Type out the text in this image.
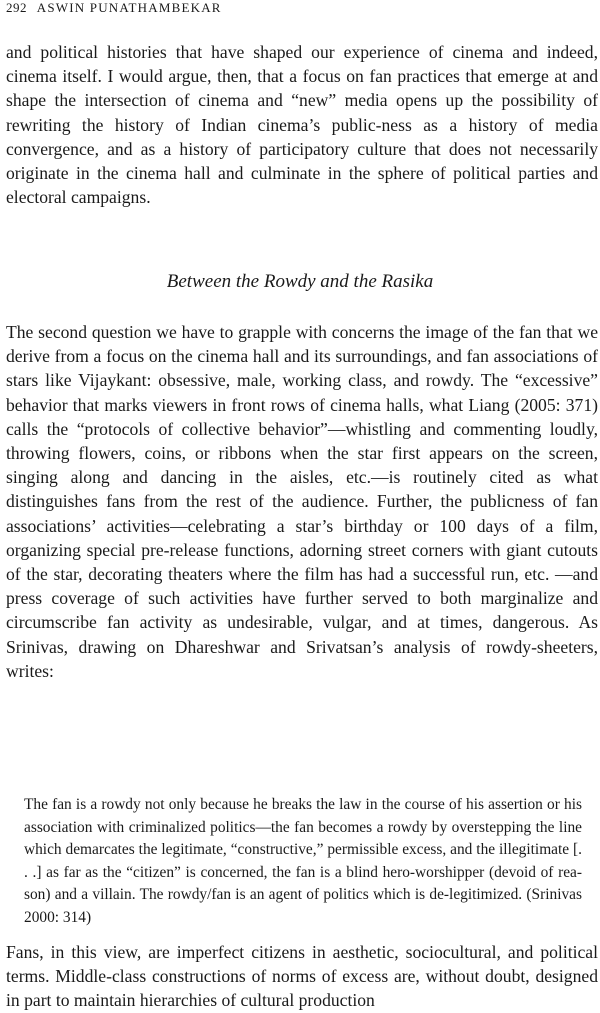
292 ASWIN PUNATHAMBEKAR

and political histories that have shaped our experience of cinema and indeed, cinema itself. I would argue, then, that a focus on fan practices that emerge at and shape the intersection of cinema and “new” media opens up the possibility of rewriting the history of Indian cinema’s public-ness as a history of media convergence, and as a history of participatory culture that does not necessarily originate in the cinema hall and culminate in the sphere of political parties and electoral campaigns.

Between the Rowdy and the Rasika

The second question we have to grapple with concerns the image of the fan that we derive from a focus on the cinema hall and its surroundings, and fan associations of stars like Vijaykant: obsessive, male, working class, and rowdy. The “excessive” behavior that marks viewers in front rows of cinema halls, what Liang (2005: 371) calls the “protocols of collective behavior”—whistling and commenting loudly, throwing flowers, coins, or ribbons when the star first appears on the screen, singing along and dancing in the aisles, etc.—is routinely cited as what distinguishes fans from the rest of the audience. Further, the publicness of fan associations’ activities—celebrating a star’s birthday or 100 days of a film, organizing special pre-release functions, adorning street corners with giant cutouts of the star, decorating theaters where the film has had a successful run, etc. —and press coverage of such activities have further served to both marginalize and circumscribe fan activity as undesirable, vulgar, and at times, dangerous. As Srinivas, drawing on Dhareshwar and Srivatsan’s analysis of rowdy-sheeters, writes:

The fan is a rowdy not only because he breaks the law in the course of his assertion or his association with criminalized politics—the fan becomes a rowdy by overstepping the line which demarcates the legitimate, “constructive,” permissible excess, and the illegitimate [. . .] as far as the “citizen” is concerned, the fan is a blind hero-worshipper (devoid of reason) and a villain. The rowdy/fan is an agent of politics which is de-legitimized. (Srinivas 2000: 314)

Fans, in this view, are imperfect citizens in aesthetic, sociocultural, and political terms. Middle-class constructions of norms of excess are, without doubt, designed in part to maintain hierarchies of cultural production
